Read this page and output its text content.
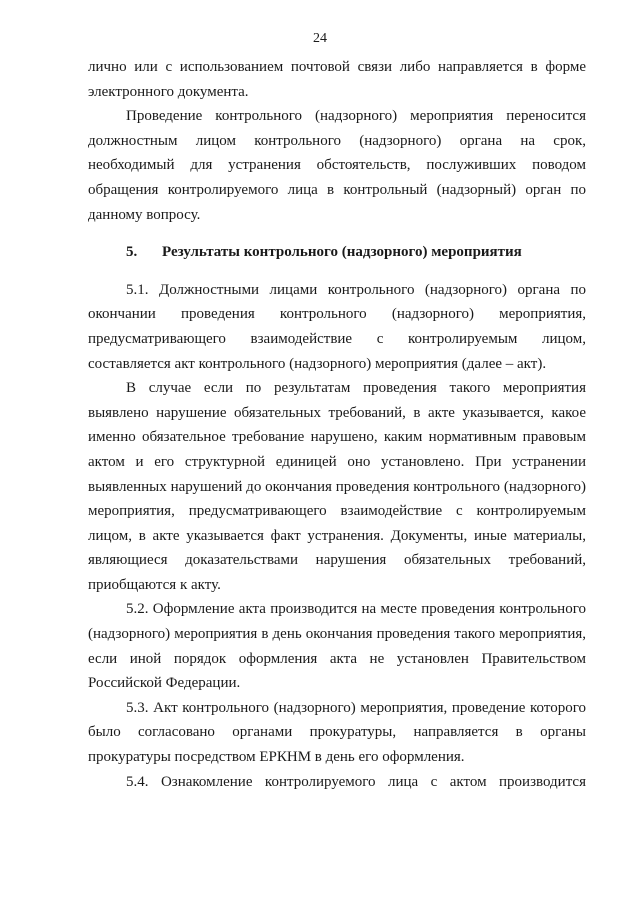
24

лично или с использованием почтовой связи либо направляется в форме электронного документа.

Проведение контрольного (надзорного) мероприятия переносится должностным лицом контрольного (надзорного) органа на срок, необходимый для устранения обстоятельств, послуживших поводом обращения контролируемого лица в контрольный (надзорный) орган по данному вопросу.

5. Результаты контрольного (надзорного) мероприятия

5.1. Должностными лицами контрольного (надзорного) органа по окончании проведения контрольного (надзорного) мероприятия, предусматривающего взаимодействие с контролируемым лицом, составляется акт контрольного (надзорного) мероприятия (далее – акт).

В случае если по результатам проведения такого мероприятия выявлено нарушение обязательных требований, в акте указывается, какое именно обязательное требование нарушено, каким нормативным правовым актом и его структурной единицей оно установлено. При устранении выявленных нарушений до окончания проведения контрольного (надзорного) мероприятия, предусматривающего взаимодействие с контролируемым лицом, в акте указывается факт устранения. Документы, иные материалы, являющиеся доказательствами нарушения обязательных требований, приобщаются к акту.

5.2. Оформление акта производится на месте проведения контрольного (надзорного) мероприятия в день окончания проведения такого мероприятия, если иной порядок оформления акта не установлен Правительством Российской Федерации.

5.3. Акт контрольного (надзорного) мероприятия, проведение которого было согласовано органами прокуратуры, направляется в органы прокуратуры посредством ЕРКНМ в день его оформления.

5.4. Ознакомление контролируемого лица с актом производится
